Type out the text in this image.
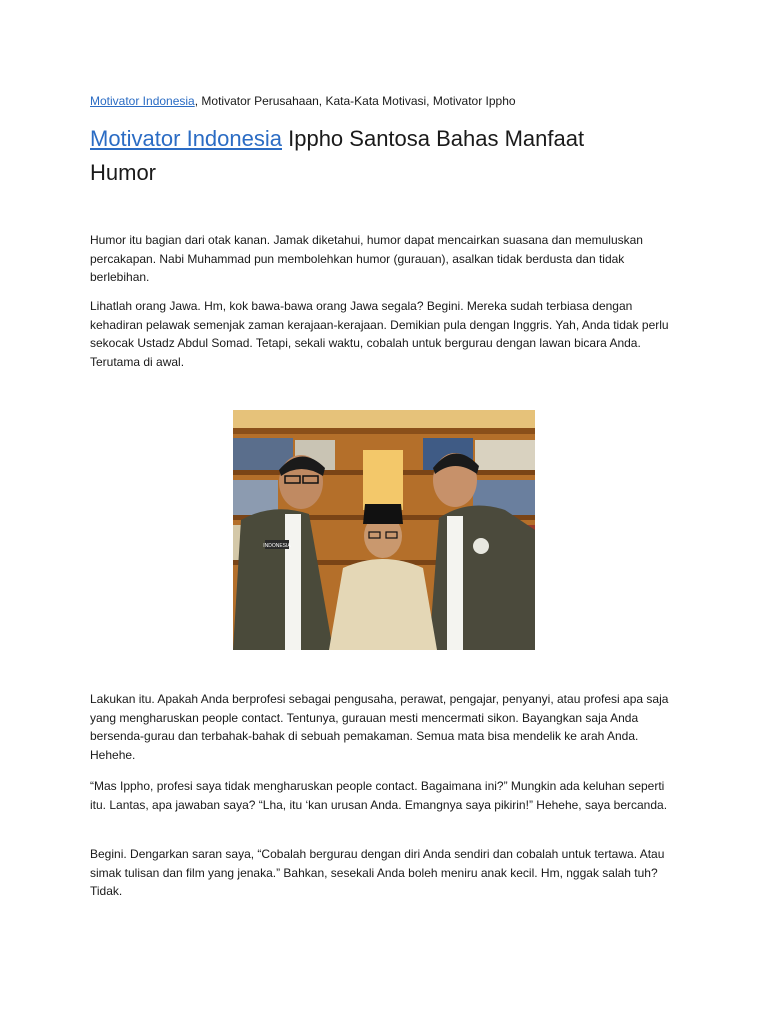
Motivator Indonesia, Motivator Perusahaan, Kata-Kata Motivasi, Motivator Ippho
Motivator Indonesia Ippho Santosa Bahas Manfaat Humor

Humor itu bagian dari otak kanan. Jamak diketahui, humor dapat mencairkan suasana dan memuluskan percakapan. Nabi Muhammad pun membolehkan humor (gurauan), asalkan tidak berdusta dan tidak berlebihan.

Lihatlah orang Jawa. Hm, kok bawa-bawa orang Jawa segala? Begini. Mereka sudah terbiasa dengan kehadiran pelawak semenjak zaman kerajaan-kerajaan. Demikian pula dengan Inggris. Yah, Anda tidak perlu sekocak Ustadz Abdul Somad. Tetapi, sekali waktu, cobalah untuk bergurau dengan lawan bicara Anda. Terutama di awal.

Lakukan itu. Apakah Anda berprofesi sebagai pengusaha, perawat, pengajar, penyanyi, atau profesi apa saja yang mengharuskan people contact. Tentunya, gurauan mesti mencermati sikon. Bayangkan saja Anda bersenda-gurau dan terbahak-bahak di sebuah pemakaman. Semua mata bisa mendelik ke arah Anda. Hehehe.

“Mas Ippho, profesi saya tidak mengharuskan people contact. Bagaimana ini?” Mungkin ada keluhan seperti itu. Lantas, apa jawaban saya? “Lha, itu ‘kan urusan Anda. Emangnya saya pikirin!” Hehehe, saya bercanda.

Begini. Dengarkan saran saya, “Cobalah bergurau dengan diri Anda sendiri dan cobalah untuk tertawa. Atau simak tulisan dan film yang jenaka.” Bahkan, sesekali Anda boleh meniru anak kecil. Hm, nggak salah tuh? Tidak.

INDONESIA
